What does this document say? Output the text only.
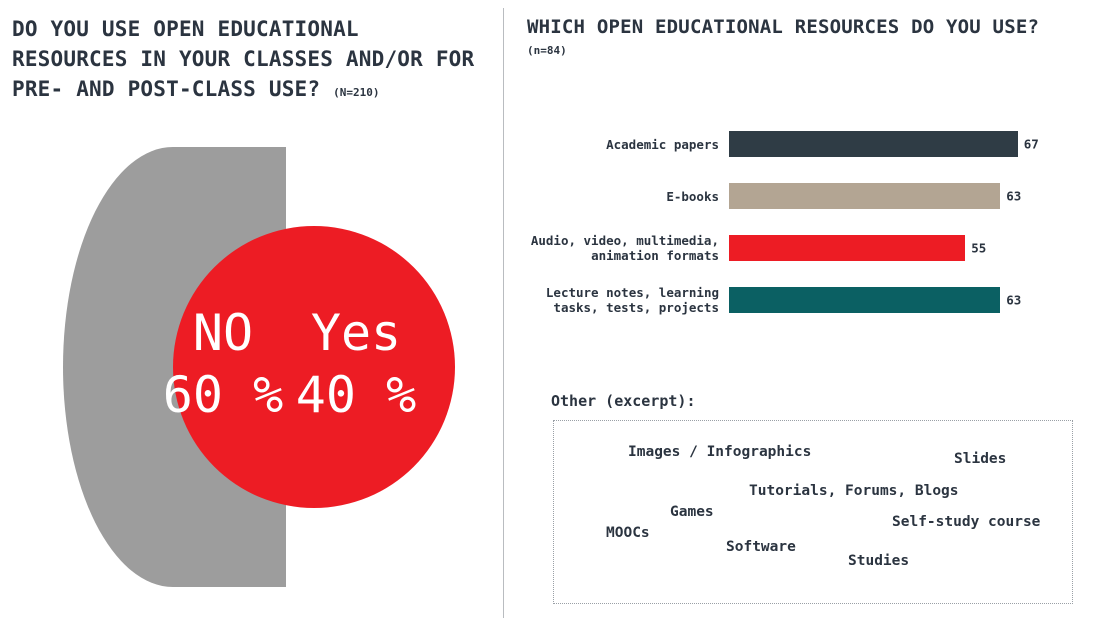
DO YOU USE OPEN EDUCATIONAL RESOURCES IN YOUR CLASSES AND/OR FOR PRE- AND POST-CLASS USE? (N=210)
NO
60 %
Yes
40 %
WHICH OPEN EDUCATIONAL RESOURCES DO YOU USE?
(n=84)
Academic papers	67
E-books	63
Audio, video, multimedia, animation formats	55
Lecture notes, learning tasks, tests, projects	63
Other (excerpt):
Images / Infographics	Slides
Tutorials, Forums, Blogs
Games
Self-study course
MOOCs
Software
Studies
